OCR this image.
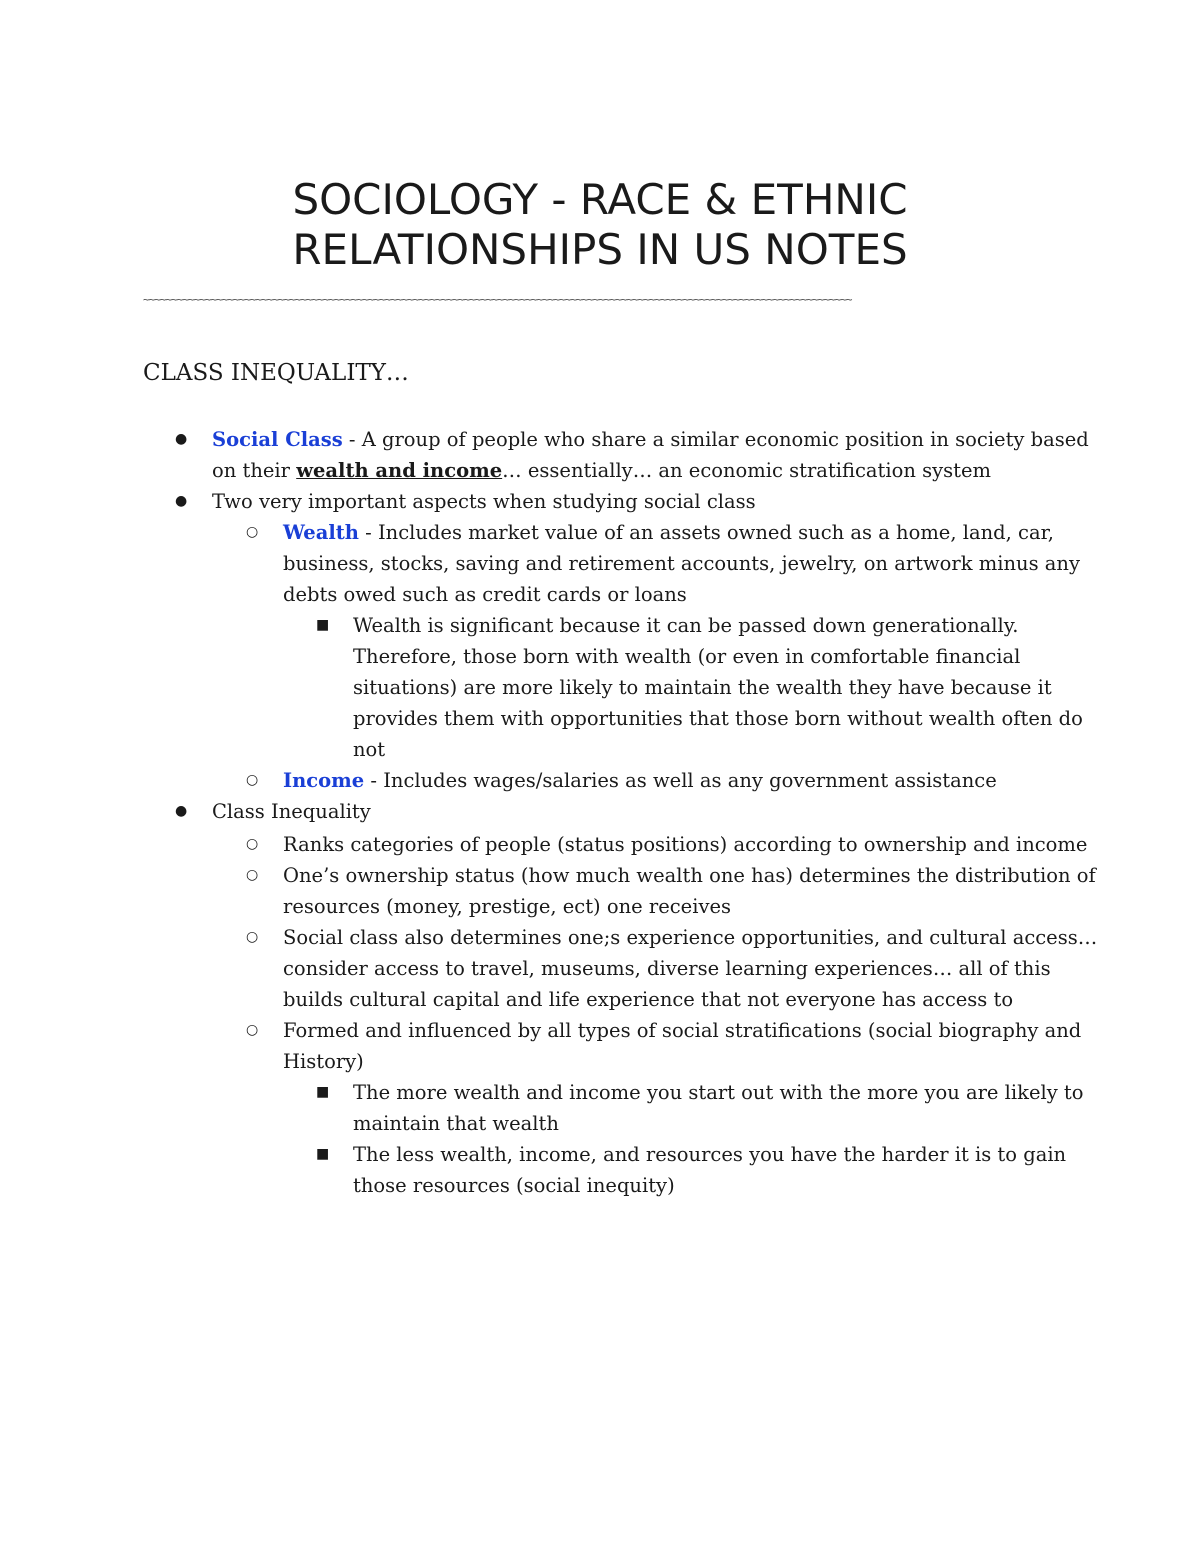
SOCIOLOGY - RACE & ETHNIC
RELATIONSHIPS IN US NOTES
~~~~~~~~~~~~~~~~~~~~~~~~~~~~~~~~~~~~~~~~~~~~~~~~~~~~~~~~~~~~~~~~~~~~~~~~~~~~~~~~~~~~~~~~~~~~~~~~~~~~~~~~~~~~~~~~~~~~~~~~~~~~~~
CLASS INEQUALITY…
● Social Class - A group of people who share a similar economic position in society based
on their wealth and income… essentially… an economic stratification system
● Two very important aspects when studying social class
○ Wealth - Includes market value of an assets owned such as a home, land, car,
business, stocks, saving and retirement accounts, jewelry, on artwork minus any
debts owed such as credit cards or loans
■ Wealth is significant because it can be passed down generationally.
Therefore, those born with wealth (or even in comfortable financial
situations) are more likely to maintain the wealth they have because it
provides them with opportunities that those born without wealth often do
not
○ Income - Includes wages/salaries as well as any government assistance
● Class Inequality
○ Ranks categories of people (status positions) according to ownership and income
○ One’s ownership status (how much wealth one has) determines the distribution of
resources (money, prestige, ect) one receives
○ Social class also determines one;s experience opportunities, and cultural access…
consider access to travel, museums, diverse learning experiences… all of this
builds cultural capital and life experience that not everyone has access to
○ Formed and influenced by all types of social stratifications (social biography and
History)
■ The more wealth and income you start out with the more you are likely to
maintain that wealth
■ The less wealth, income, and resources you have the harder it is to gain
those resources (social inequity)
